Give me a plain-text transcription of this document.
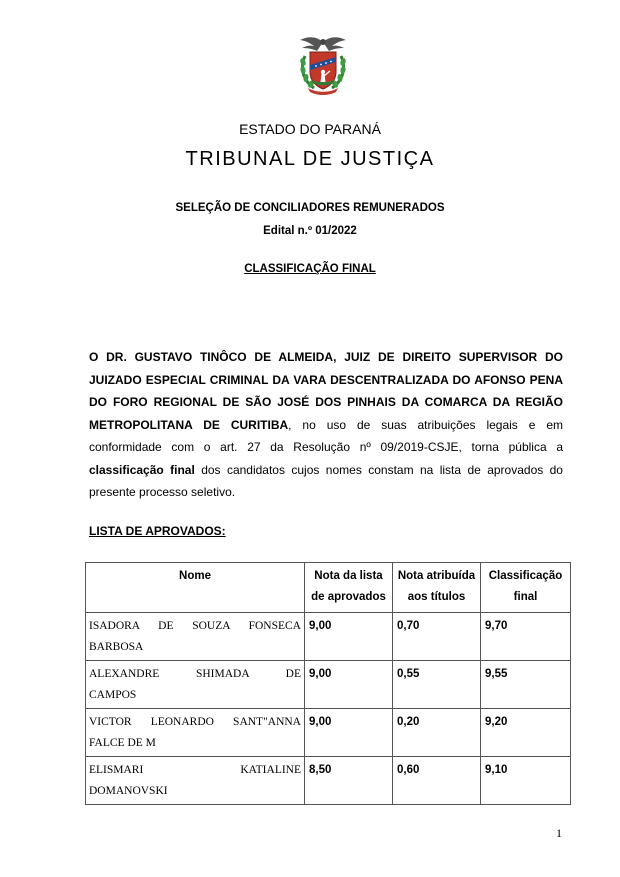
ESTADO DO PARANÁ
TRIBUNAL DE JUSTIÇA
SELEÇÃO DE CONCILIADORES REMUNERADOS
Edital n.º 01/2022
CLASSIFICAÇÃO FINAL

O DR. GUSTAVO TINÔCO DE ALMEIDA, JUIZ DE DIREITO SUPERVISOR DO JUIZADO ESPECIAL CRIMINAL DA VARA DESCENTRALIZADA DO AFONSO PENA DO FORO REGIONAL DE SÃO JOSÉ DOS PINHAIS DA COMARCA DA REGIÃO METROPOLITANA DE CURITIBA, no uso de suas atribuições legais e em conformidade com o art. 27 da Resolução nº 09/2019-CSJE, torna pública a classificação final dos candidatos cujos nomes constam na lista de aprovados do presente processo seletivo.

LISTA DE APROVADOS:
Nome	Nota da lista de aprovados	Nota atribuída aos títulos	Classificação final

ISADORA DE SOUZA FONSECA
BARBOSA	9,00	0,70	9,70

ALEXANDRE SHIMADA DE
CAMPOS	9,00	0,55	9,55

VICTOR LEONARDO SANT"ANNA
FALCE DE M	9,00	0,20	9,20

ELISMARI KATIALINE
DOMANOVSKI	8,50	0,60	9,10
1
